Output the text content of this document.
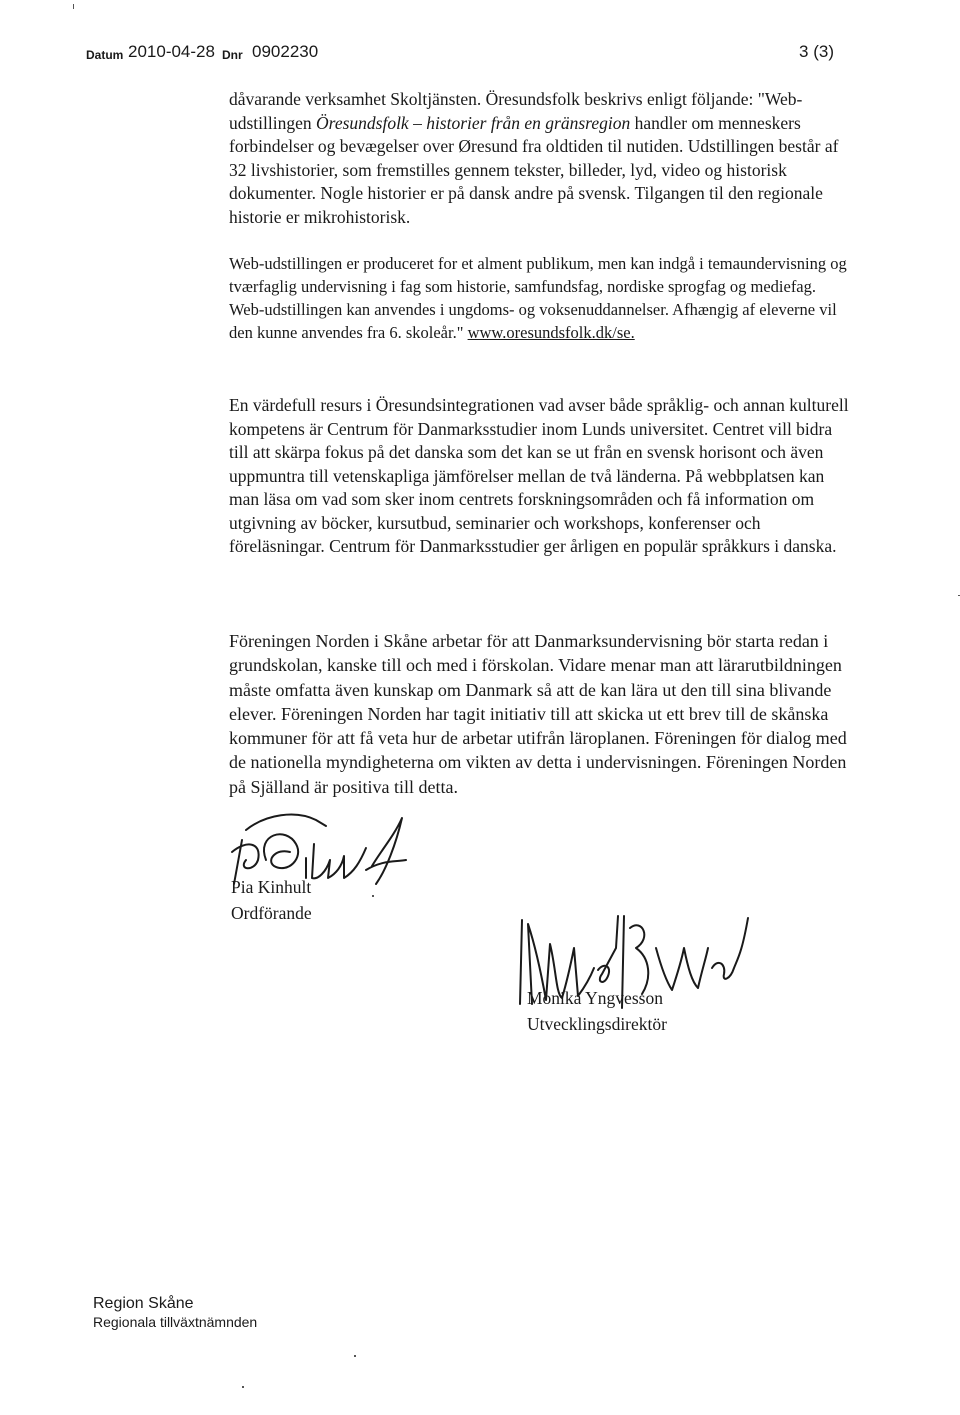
Datum 2010-04-28 Dnr 0902230	3 (3)

dåvarande verksamhet Skoltjänsten. Öresundsfolk beskrivs enligt följande: "Web-udstillingen Öresundsfolk – historier från en gränsregion handler om menneskers forbindelser og bevægelser over Øresund fra oldtiden til nutiden. Udstillingen består af 32 livshistorier, som fremstilles gennem tekster, billeder, lyd, video og historisk dokumenter. Nogle historier er på dansk andre på svensk. Tilgangen til den regionale historie er mikrohistorisk.

Web-udstillingen er produceret for et alment publikum, men kan indgå i temaundervisning og tværfaglig undervisning i fag som historie, samfundsfag, nordiske sprogfag og mediefag. Web-udstillingen kan anvendes i ungdoms- og voksenuddannelser. Afhængig af eleverne vil den kunne anvendes fra 6. skoleår." www.oresundsfolk.dk/se.

En värdefull resurs i Öresundsintegrationen vad avser både språklig- och annan kulturell kompetens är Centrum för Danmarksstudier inom Lunds universitet. Centret vill bidra till att skärpa fokus på det danska som det kan se ut från en svensk horisont och även uppmuntra till vetenskapliga jämförelser mellan de två länderna. På webbplatsen kan man läsa om vad som sker inom centrets forskningsområden och få information om utgivning av böcker, kursutbud, seminarier och workshops, konferenser och föreläsningar. Centrum för Danmarksstudier ger årligen en populär språkkurs i danska.

Föreningen Norden i Skåne arbetar för att Danmarksundervisning bör starta redan i grundskolan, kanske till och med i förskolan. Vidare menar man att lärarutbildningen måste omfatta även kunskap om Danmark så att de kan lära ut den till sina blivande elever. Föreningen Norden har tagit initiativ till att skicka ut ett brev till de skånska kommuner för att få veta hur de arbetar utifrån läroplanen. Föreningen för dialog med de nationella myndigheterna om vikten av detta i undervisningen. Föreningen Norden på Själland är positiva till detta.

Pia Kinhult
Ordförande
Monika Yngvesson
Utvecklingsdirektör
Region Skåne
Regionala tillväxtnämnden
